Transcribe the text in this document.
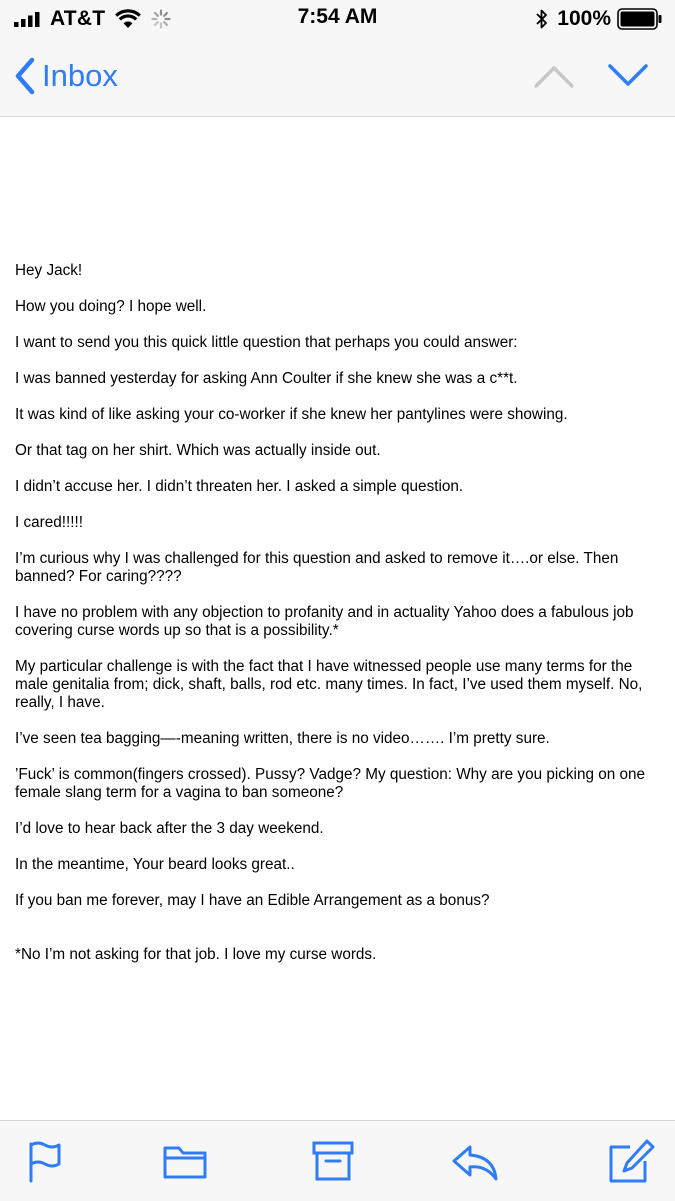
AT&T	7:54 AM	100%
Inbox

Hey Jack!

How you doing? I hope well.

I want to send you this quick little question that perhaps you could answer:

I was banned yesterday for asking Ann Coulter if she knew she was a c**t.

It was kind of like asking your co-worker if she knew her pantylines were showing.

Or that tag on her shirt. Which was actually inside out.

I didn’t accuse her. I didn’t threaten her. I asked a simple question.

I cared!!!!!

I’m curious why I was challenged for this question and asked to remove it….or else. Then banned? For caring????

I have no problem with any objection to profanity and in actuality Yahoo does a fabulous job covering curse words up so that is a possibility.*

My particular challenge is with the fact that I have witnessed people use many terms for the male genitalia from; dick, shaft, balls, rod etc. many times. In fact, I’ve used them myself. No, really, I have.

I’ve seen tea bagging—-meaning written, there is no video……. I’m pretty sure.

’Fuck’ is common(fingers crossed). Pussy? Vadge? My question: Why are you picking on one female slang term for a vagina to ban someone?

I’d love to hear back after the 3 day weekend.

In the meantime, Your beard looks great..

If you ban me forever, may I have an Edible Arrangement as a bonus?

*No I’m not asking for that job. I love my curse words.
